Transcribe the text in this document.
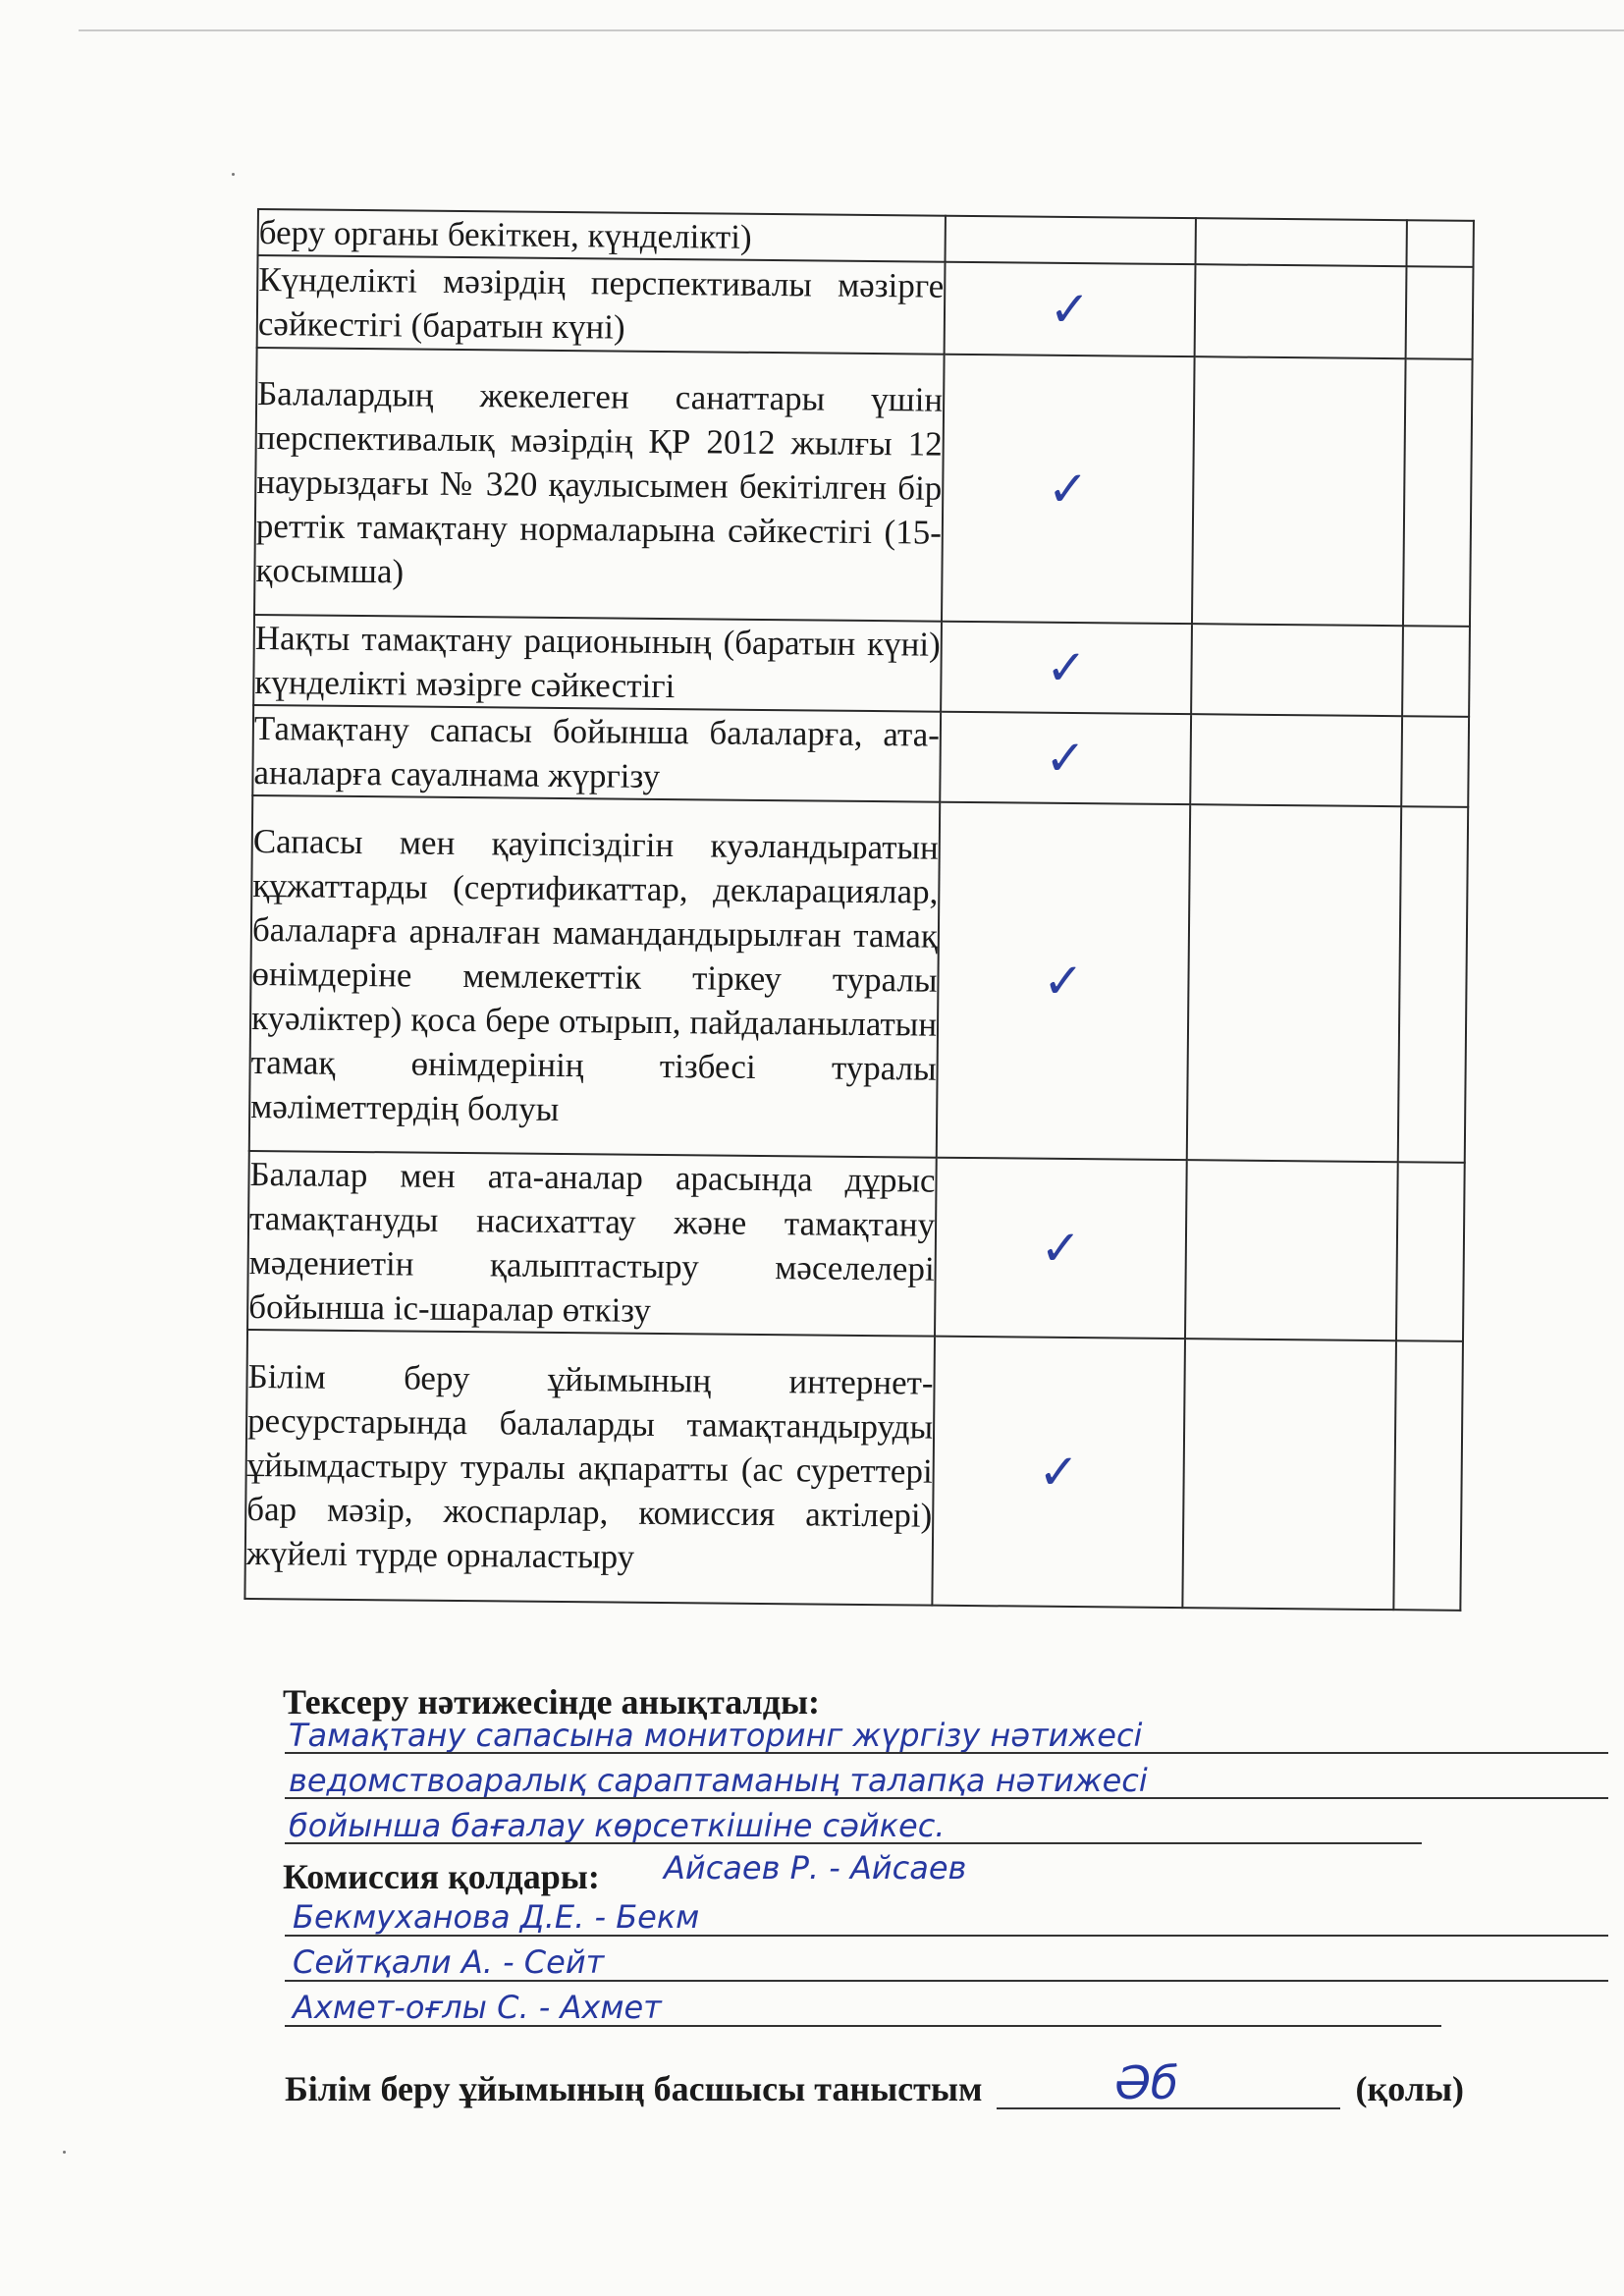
беру органы бекіткен, күнделікті)			
Күнделікті мәзірдің перспективалы мәзірге сәйкестігі (баратын күні)	✓		
Балалардың жекелеген санаттары үшін перспективалық мәзірдің ҚР 2012 жылғы 12 наурыздағы № 320 қаулысымен бекітілген бір реттік тамақтану нормаларына сәйкестігі (15-қосымша)	✓		
Нақты тамақтану рационының (баратын күні) күнделікті мәзірге сәйкестігі	✓		
Тамақтану сапасы бойынша балаларға, ата-аналарға сауалнама жүргізу	✓		
Сапасы мен қауіпсіздігін куәландыратын құжаттарды (сертификаттар, декларациялар, балаларға арналған мамандандырылған тамақ өнімдеріне мемлекеттік тіркеу туралы куәліктер) қоса бере отырып, пайдаланылатын тамақ өнімдерінің тізбесі туралы мәліметтердің болуы	✓		
Балалар мен ата-аналар арасында дұрыс тамақтануды насихаттау және тамақтану мәдениетін қалыптастыру мәселелері бойынша іс-шаралар өткізу	✓		
Білім беру ұйымының интернет-ресурстарында балаларды тамақтандыруды ұйымдастыру туралы ақпаратты (ас суреттері бар мәзір, жоспарлар, комиссия актілері) жүйелі түрде орналастыру	✓		
Тексеру нәтижесінде анықталды:
Тамақтану сапасына мониторинг жүргізу нәтижесі
ведомствоаралық сараптаманың талапқа нәтижесі
бойынша бағалау көрсеткішіне сәйкес.
Комиссия қолдары: Айсаев Р. - Айсаев
Бекмуханова Д.Е. - Бекм
Сейтқали А. - Сейт
Ахмет-оғлы С. - Ахмет
Білім беру ұйымының басшысы таныстым	Әб	(қолы)
